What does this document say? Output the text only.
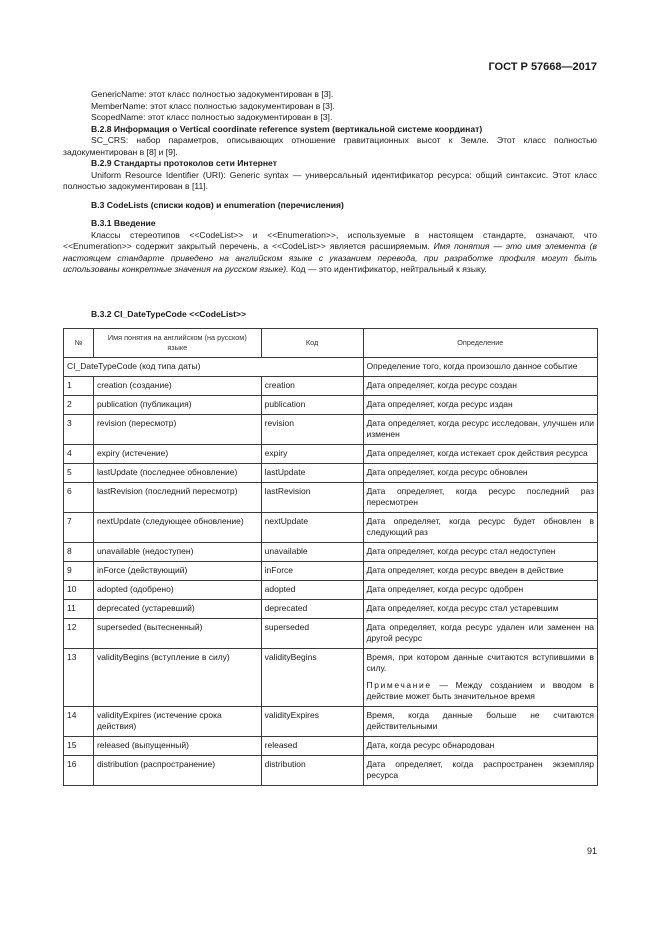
ГОСТ Р 57668—2017

GenericName: этот класс полностью задокументирован в [3].

MemberName: этот класс полностью задокументирован в [3].

ScopedName: этот класс полностью задокументирован в [3].

B.2.8 Информация о Vertical coordinate reference system (вертикальной системе координат)

SC_CRS: набор параметров, описывающих отношение гравитационных высот к Земле. Этот класс полностью задокументирован в [8] и [9].

B.2.9 Стандарты протоколов сети Интернет

Uniform Resource Identifier (URI): Generic syntax — универсальный идентификатор ресурса: общий синтаксис. Этот класс полностью задокументирован в [11].

B.3 CodeLists (списки кодов) и enumeration (перечисления)

B.3.1 Введение

Классы стереотипов <<CodeList>> и <<Enumeration>>, используемые в настоящем стандарте, означают, что <<Enumeration>> содержит закрытый перечень, а <<CodeList>> является расширяемым. Имя понятия — это имя элемента (в настоящем стандарте приведено на английском языке с указанием перевода, при разработке профиля могут быть использованы конкретные значения на русском языке). Код — это идентификатор, нейтральный к языку.

B.3.2 CI_DateTypeCode <<CodeList>>
№	Имя понятия на английском (на русском) языке	Код	Определение
CI_DateTypeCode (код типа даты)			Определение того, когда произошло данное событие
1	creation (создание)	creation	Дата определяет, когда ресурс создан
2	publication (публикация)	publication	Дата определяет, когда ресурс издан
3	revision (пересмотр)	revision	Дата определяет, когда ресурс исследован, улучшен или изменен
4	expiry (истечение)	expiry	Дата определяет, когда истекает срок действия ресурса
5	lastUpdate (последнее обновление)	lastUpdate	Дата определяет, когда ресурс обновлен
6	lastRevision (последний пересмотр)	lastRevision	Дата определяет, когда ресурс последний раз пересмотрен
7	nextUpdate (следующее обновление)	nextUpdate	Дата определяет, когда ресурс будет обновлен в следующий раз
8	unavailable (недоступен)	unavailable	Дата определяет, когда ресурс стал недоступен
9	inForce (действующий)	inForce	Дата определяет, когда ресурс введен в действие
10	adopted (одобрено)	adopted	Дата определяет, когда ресурс одобрен
11	deprecated (устаревший)	deprecated	Дата определяет, когда ресурс стал устаревшим
12	superseded (вытесненный)	superseded	Дата определяет, когда ресурс удален или заменен на другой ресурс
13	validityBegins (вступление в силу)	validityBegins	Время, при котором данные считаются вступившими в силу.
Примечание — Между созданием и вводом в действие может быть значительное время

14	validityExpires (истечение срока действия)	validityExpires	Время, когда данные больше не считаются действительными
15	released (выпущенный)	released	Дата, когда ресурс обнародован
16	distribution (распространение)	distribution	Дата определяет, когда распространен экземпляр ресурса
91
